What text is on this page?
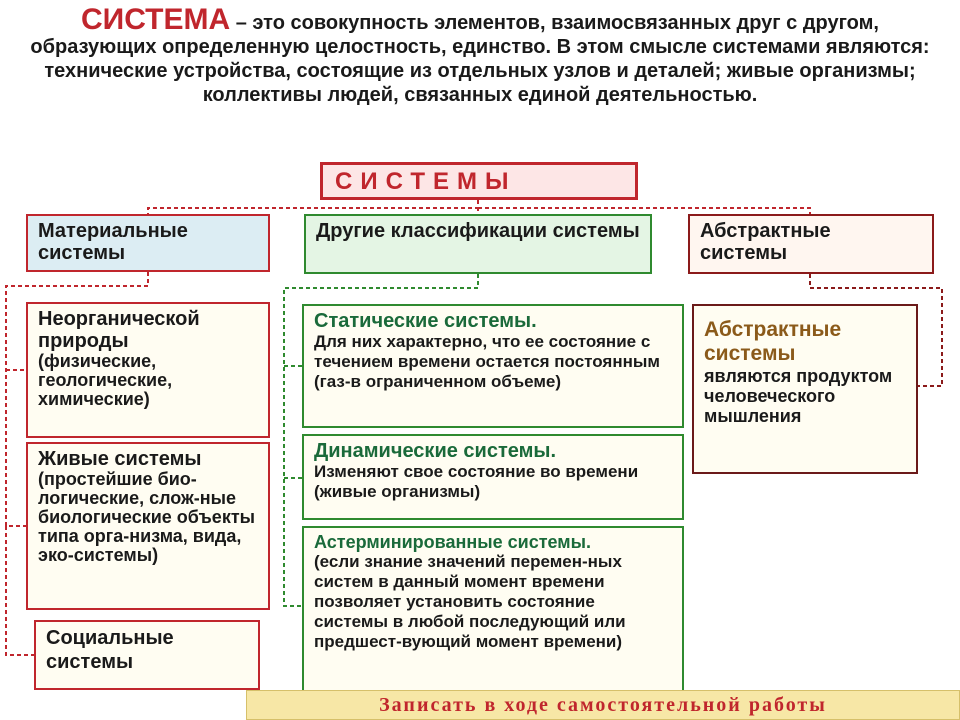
СИСТЕМА – это совокупность элементов, взаимосвязанных друг с другом, образующих определенную целостность, единство. В этом смысле системами являются: технические устройства, состоящие из отдельных узлов и деталей; живые организмы; коллективы людей, связанных единой деятельностью.
СИСТЕМЫ
Материальные системы
Другие классификации системы	Абстрактные системы
Неорганической природы
(физические, геологические, химические)
Живые системы
(простейшие био-логические, слож-ные биологические объекты типа орга-низма, вида, эко-системы)
Социальные системы
Статические системы.
Для них характерно, что ее состояние с течением времени остается постоянным (газ-в ограниченном объеме)
Динамические системы.
Изменяют свое состояние во времени (живые организмы)
Астерминированные системы.
(если знание значений перемен-ных систем в данный момент времени позволяет установить состояние системы в любой последующий или предшест-вующий момент времени)
Абстрактные системы
являются продуктом человеческого мышления
Записать в ходе самостоятельной работы
